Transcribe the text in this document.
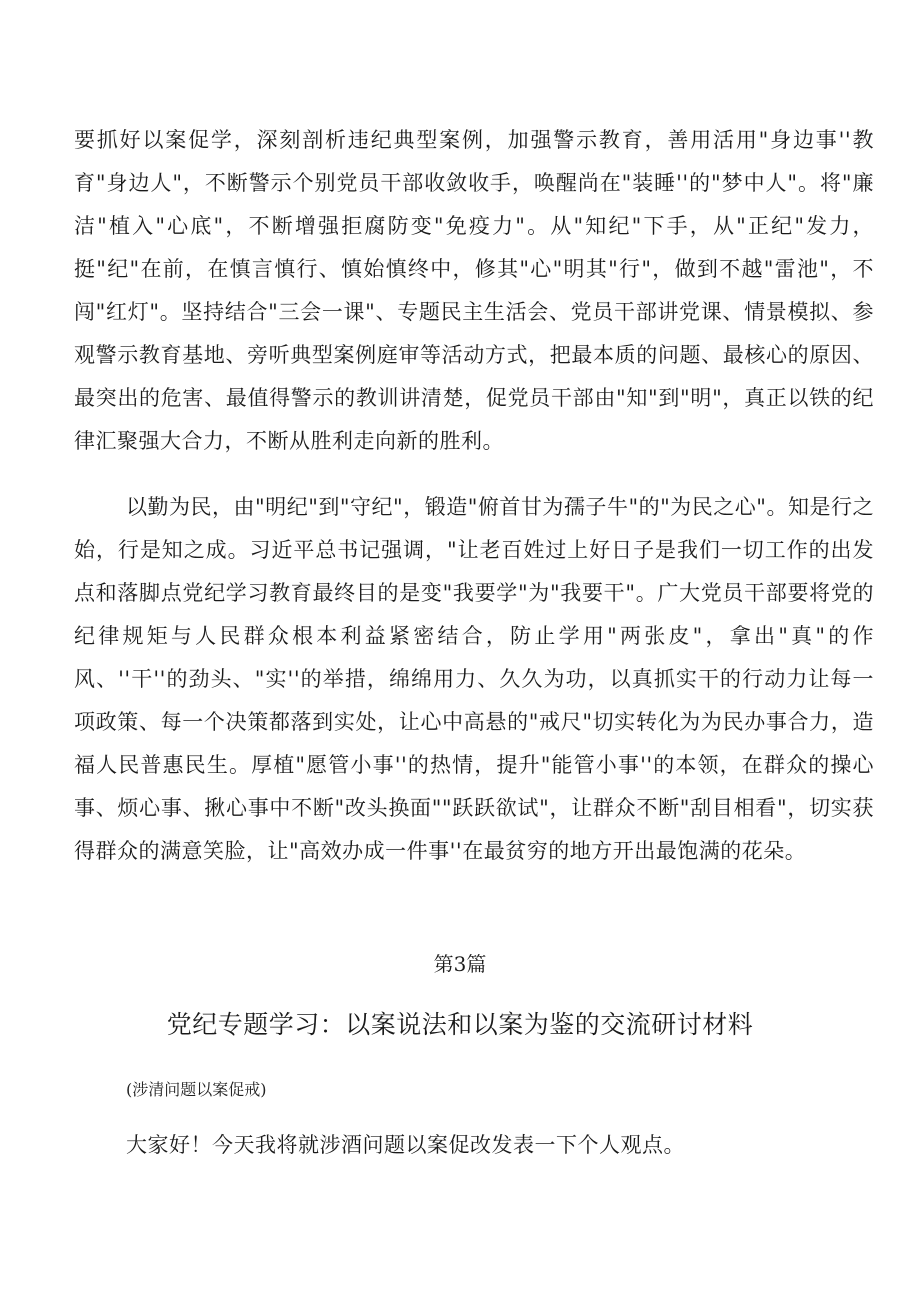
要抓好以案促学，深刻剖析违纪典型案例，加强警示教育，善用活用"身边事''教育"身边人"，不断警示个别党员干部收敛收手，唤醒尚在"装睡''的"梦中人"。将"廉洁"植入"心底"，不断增强拒腐防变"免疫力"。从"知纪"下手，从"正纪"发力，挺"纪"在前，在慎言慎行、慎始慎终中，修其"心"明其"行"，做到不越"雷池"，不闯"红灯"。坚持结合"三会一课"、专题民主生活会、党员干部讲党课、情景模拟、参观警示教育基地、旁听典型案例庭审等活动方式，把最本质的问题、最核心的原因、最突出的危害、最值得警示的教训讲清楚，促党员干部由"知"到"明"，真正以铁的纪律汇聚强大合力，不断从胜利走向新的胜利。

以勤为民，由"明纪"到"守纪"，锻造"俯首甘为孺子牛"的"为民之心"。知是行之始，行是知之成。习近平总书记强调，"让老百姓过上好日子是我们一切工作的出发点和落脚点党纪学习教育最终目的是变"我要学"为"我要干"。广大党员干部要将党的纪律规矩与人民群众根本利益紧密结合，防止学用"两张皮"，拿出"真"的作风、''干''的劲头、"实''的举措，绵绵用力、久久为功，以真抓实干的行动力让每一项政策、每一个决策都落到实处，让心中高悬的"戒尺"切实转化为为民办事合力，造福人民普惠民生。厚植"愿管小事''的热情，提升"能管小事''的本领，在群众的操心事、烦心事、揪心事中不断"改头换面""跃跃欲试"，让群众不断"刮目相看"，切实获得群众的满意笑脸，让"高效办成一件事''在最贫穷的地方开出最饱满的花朵。

第3篇

党纪专题学习：以案说法和以案为鉴的交流研讨材料

(涉清问题以案促戒)

大家好！今天我将就涉酒问题以案促改发表一下个人观点。
